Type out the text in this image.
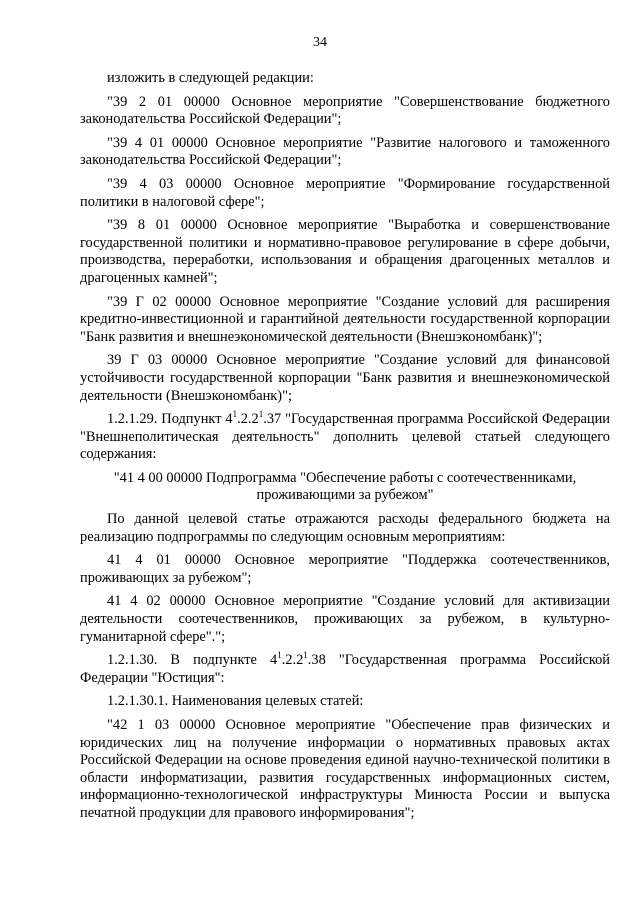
34

изложить в следующей редакции:

"39 2 01 00000 Основное мероприятие "Совершенствование бюджетного законодательства Российской Федерации";

"39 4 01 00000 Основное мероприятие "Развитие налогового и таможенного законодательства Российской Федерации";

"39 4 03 00000 Основное мероприятие "Формирование государственной политики в налоговой сфере";

"39 8 01 00000 Основное мероприятие "Выработка и совершенствование государственной политики и нормативно-правовое регулирование в сфере добычи, производства, переработки, использования и обращения драгоценных металлов и драгоценных камней";

"39 Г 02 00000 Основное мероприятие "Создание условий для расширения кредитно-инвестиционной и гарантийной деятельности государственной корпорации "Банк развития и внешнеэкономической деятельности (Внешэкономбанк)";

39 Г 03 00000 Основное мероприятие "Создание условий для финансовой устойчивости государственной корпорации "Банк развития и внешнеэкономической деятельности (Внешэкономбанк)";

1.2.1.29. Подпункт $4^1.2.2^1.37$ "Государственная программа Российской Федерации "Внешнеполитическая деятельность" дополнить целевой статьей следующего содержания:

"41 4 00 00000 Подпрограмма "Обеспечение работы с соотечественниками, проживающими за рубежом"

По данной целевой статье отражаются расходы федерального бюджета на реализацию подпрограммы по следующим основным мероприятиям:

41 4 01 00000 Основное мероприятие "Поддержка соотечественников, проживающих за рубежом";

41 4 02 00000 Основное мероприятие "Создание условий для активизации деятельности соотечественников, проживающих за рубежом, в культурно-гуманитарной сфере".";

1.2.1.30. В подпункте $4^1.2.2^1.38$ "Государственная программа Российской Федерации "Юстиция":

1.2.1.30.1. Наименования целевых статей:

"42 1 03 00000 Основное мероприятие "Обеспечение прав физических и юридических лиц на получение информации о нормативных правовых актах Российской Федерации на основе проведения единой научно-технической политики в области информатизации, развития государственных информационных систем, информационно-технологической инфраструктуры Минюста России и выпуска печатной продукции для правового информирования";
